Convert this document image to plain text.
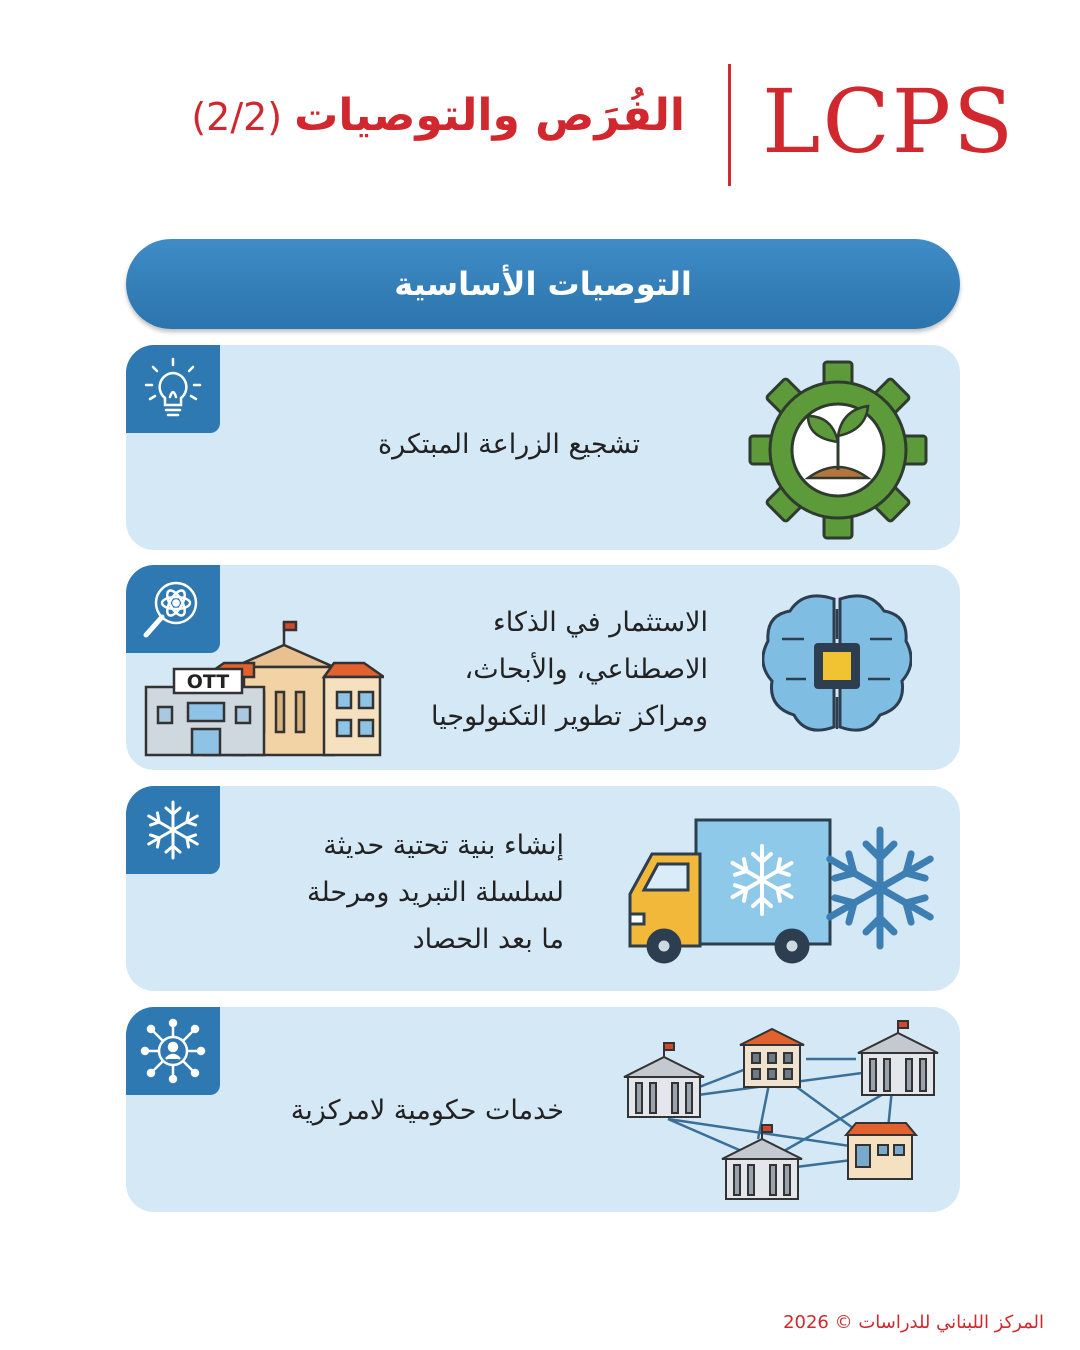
الفُرَص والتوصيات(2/2)	LCPS
التوصيات الأساسية
تشجيع الزراعة المبتكرة
OTT
الاستثمار في الذكاء
الاصطناعي، والأبحاث،
ومراكز تطوير التكنولوجيا
إنشاء بنية تحتية حديثة
لسلسلة التبريد ومرحلة
ما بعد الحصاد
خدمات حكومية لامركزية
المركز اللبناني للدراسات © 2026
